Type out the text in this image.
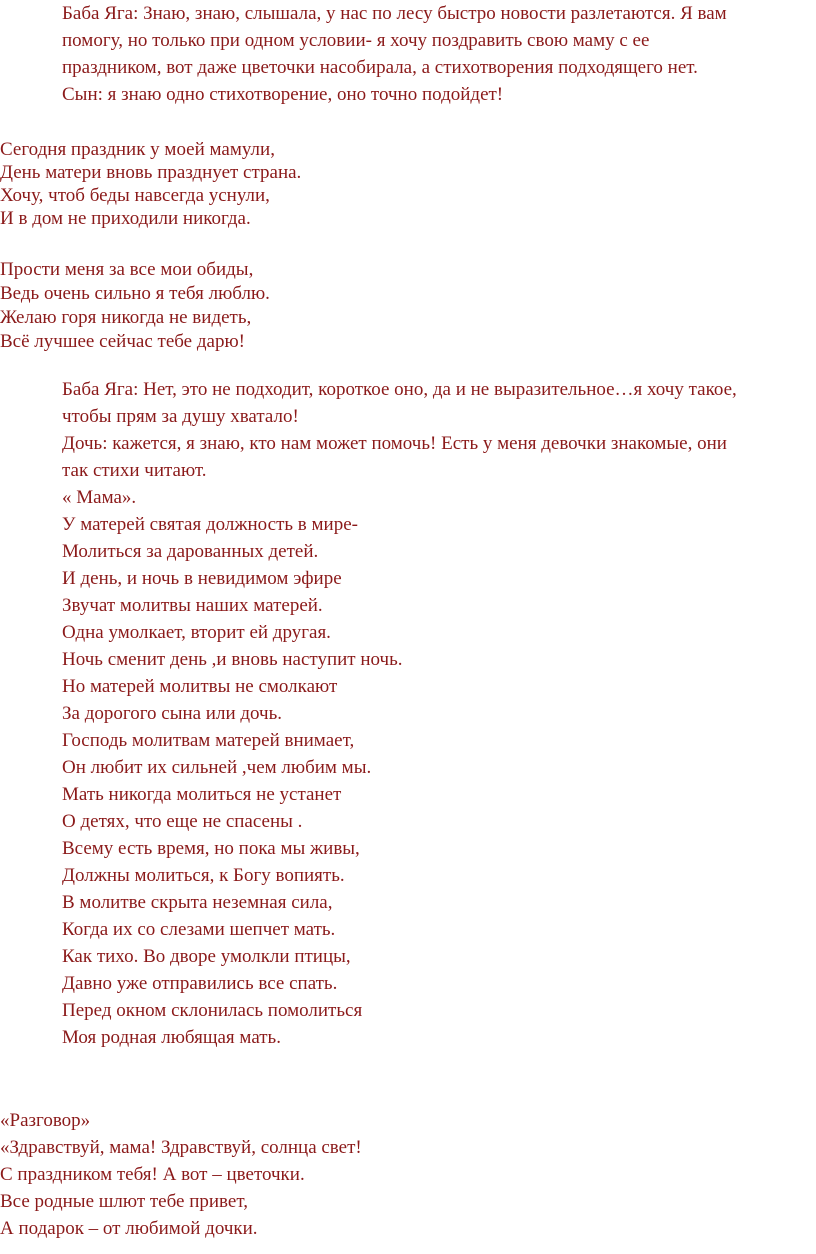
Баба Яга: Знаю, знаю, слышала, у нас по лесу быстро новости разлетаются. Я вам
помогу, но только при одном условии- я хочу поздравить свою маму с ее
праздником, вот даже цветочки насобирала, а стихотворения подходящего нет.
Сын: я знаю одно стихотворение, оно точно подойдет!
Сегодня праздник у моей мамули,
День матери вновь празднует страна.
Хочу, чтоб беды навсегда уснули,
И в дом не приходили никогда.
Прости меня за все мои обиды,
Ведь очень сильно я тебя люблю.
Желаю горя никогда не видеть,
Всё лучшее сейчас тебе дарю!
Баба Яга: Нет, это не подходит, короткое оно, да и не выразительное…я хочу такое,
чтобы прям за душу хватало!
Дочь: кажется, я знаю, кто нам может помочь! Есть у меня девочки знакомые, они
так стихи читают.
« Мама».
У матерей святая должность в мире-
Молиться за дарованных детей.
И день, и ночь в невидимом эфире
Звучат молитвы наших матерей.
Одна умолкает, вторит ей другая.
Ночь сменит день ,и вновь наступит ночь.
Но матерей молитвы не смолкают
За дорогого сына или дочь.
Господь молитвам матерей внимает,
Он любит их сильней ,чем любим мы.
Мать никогда молиться не устанет
О детях, что еще не спасены .
Всему есть время, но пока мы живы,
Должны молиться, к Богу вопиять.
В молитве скрыта неземная сила,
Когда их со слезами шепчет мать.
Как тихо. Во дворе умолкли птицы,
Давно уже отправились все спать.
Перед окном склонилась помолиться
Моя родная любящая мать.
«Разговор»
«Здравствуй, мама! Здравствуй, солнца свет!
С праздником тебя! А вот – цветочки.
Все родные шлют тебе привет,
А подарок – от любимой дочки.
